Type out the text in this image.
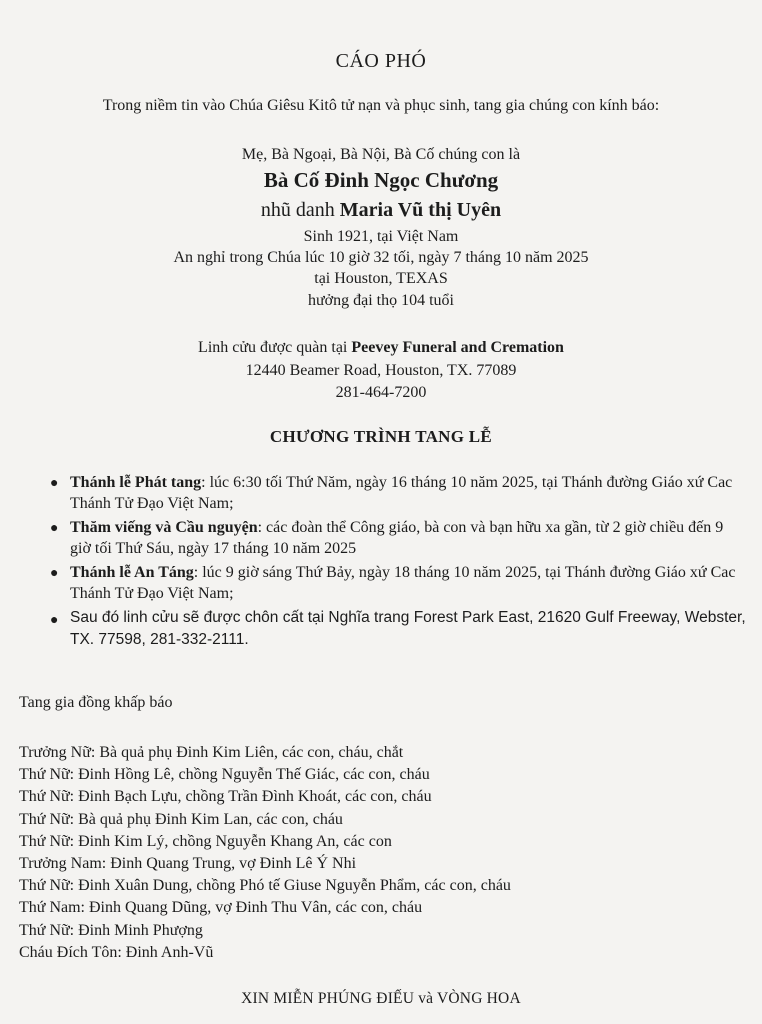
CÁO PHÓ
Trong niềm tin vào Chúa Giêsu Kitô tử nạn và phục sinh, tang gia chúng con kính báo:
Mẹ, Bà Ngoại, Bà Nội, Bà Cố chúng con là
Bà Cố Đinh Ngọc Chương
nhũ danh Maria Vũ thị Uyên
Sinh 1921, tại Việt Nam
An nghỉ trong Chúa lúc 10 giờ 32 tối, ngày 7 tháng 10 năm 2025
tại Houston, TEXAS
hưởng đại thọ 104 tuổi
Linh cửu được quàn tại Peevey Funeral and Cremation
12440 Beamer Road, Houston, TX. 77089
281-464-7200
CHƯƠNG TRÌNH TANG LỄ
● Thánh lễ Phát tang: lúc 6:30 tối Thứ Năm, ngày 16 tháng 10 năm 2025, tại Thánh đường Giáo xứ Cac Thánh Tử Đạo Việt Nam;
● Thăm viếng và Cầu nguyện: các đoàn thể Công giáo, bà con và bạn hữu xa gần, từ 2 giờ chiều đến 9 giờ tối Thứ Sáu, ngày 17 tháng 10 năm 2025
● Thánh lễ An Táng: lúc 9 giờ sáng Thứ Bảy, ngày 18 tháng 10 năm 2025, tại Thánh đường Giáo xứ Cac Thánh Tử Đạo Việt Nam;
● Sau đó linh cửu sẽ được chôn cất tại Nghĩa trang Forest Park East, 21620 Gulf Freeway, Webster, TX. 77598, 281-332-2111.
Tang gia đồng khấp báo
Trưởng Nữ: Bà quả phụ Đinh Kim Liên, các con, cháu, chắt
Thứ Nữ: Đinh Hồng Lê, chồng Nguyễn Thế Giác, các con, cháu
Thứ Nữ: Đinh Bạch Lựu, chồng Trần Đình Khoát, các con, cháu
Thứ Nữ: Bà quả phụ Đinh Kim Lan, các con, cháu
Thứ Nữ: Đinh Kim Lý, chồng Nguyễn Khang An, các con
Trưởng Nam: Đinh Quang Trung, vợ Đinh Lê Ý Nhi
Thứ Nữ: Đinh Xuân Dung, chồng Phó tế Giuse Nguyễn Phẩm, các con, cháu
Thứ Nam: Đinh Quang Dũng, vợ Đinh Thu Vân, các con, cháu
Thứ Nữ: Đinh Minh Phượng
Cháu Đích Tôn: Đinh Anh-Vũ
XIN MIỄN PHÚNG ĐIẾU và VÒNG HOA
